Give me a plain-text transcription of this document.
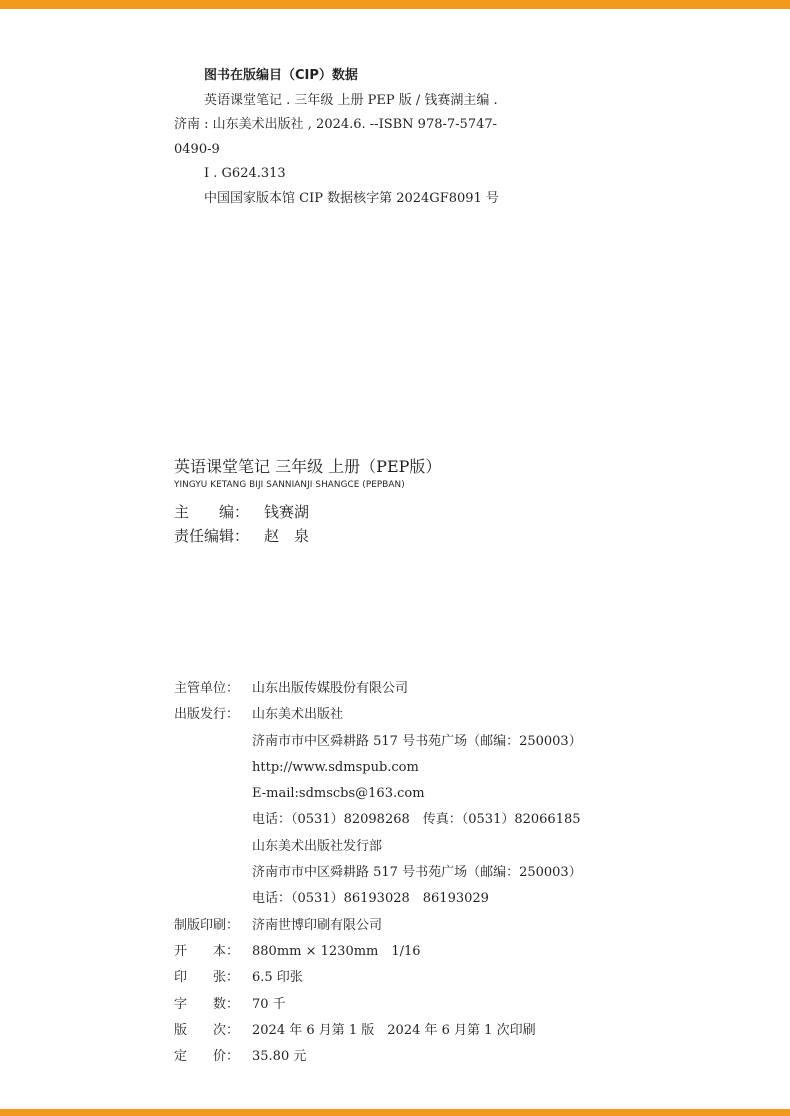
图书在版编目（CIP）数据
英语课堂笔记 . 三年级 上册 PEP 版 / 钱赛湖主编 .
济南 : 山东美术出版社 , 2024.6. --ISBN 978-7-5747-
0490-9
Ⅰ . G624.313
中国国家版本馆 CIP 数据核字第 2024GF8091 号
英语课堂笔记 三年级 上册（PEP版）
YINGYU KETANG BIJI SANNIANJI SHANGCE (PEPBAN)
主　　编： 钱赛湖
责任编辑： 赵　泉
主管单位： 山东出版传媒股份有限公司
出版发行： 山东美术出版社
济南市市中区舜耕路 517 号书苑广场（邮编：250003）
http://www.sdmspub.com
E-mail:sdmscbs@163.com
电话：（0531）82098268　传真：（0531）82066185
山东美术出版社发行部
济南市市中区舜耕路 517 号书苑广场（邮编：250003）
电话：（0531）86193028　86193029
制版印刷： 济南世博印刷有限公司
开　　本： 880mm × 1230mm　1/16
印　　张： 6.5 印张
字　　数： 70 千
版　　次： 2024 年 6 月第 1 版　2024 年 6 月第 1 次印刷
定　　价： 35.80 元
